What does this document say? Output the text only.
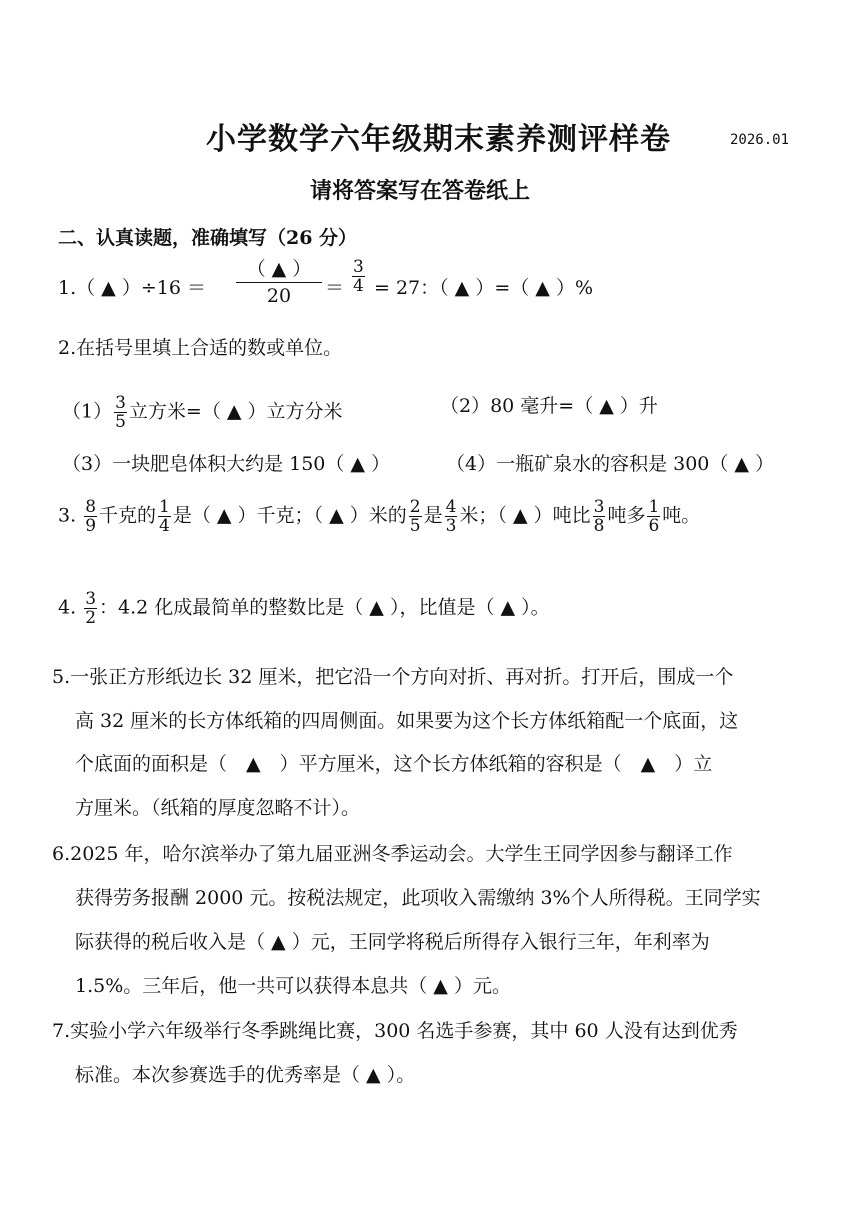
小学数学六年级期末素养测评样卷	2026.01
请将答案写在答卷纸上
二、认真读题，准确填写（26 分）
1.（ ▲ ）÷16 ＝
（ ▲ ）
20	＝ $\frac{3}{4} = 27$：（ ▲ ）=（ ▲ ）%
2.在括号里填上合适的数或单位。
$(1) \frac{3}{5}$ 立方米=（ ▲ ）立方分米	（2）80 毫升=（ ▲ ）升
（3）一块肥皂体积大约是 150（ ▲ ）	（4）一瓶矿泉水的容积是 300（ ▲ ）
3. $\frac{8}{9}$ 千克的 $\frac{1}{4}$ 是（ ▲ ）千克；（ ▲ ）米的 $\frac{2}{5}$ 是 $\frac{4}{3}$ 米；（ ▲ ）吨比 $\frac{3}{8}$ 吨多 $\frac{1}{6}$ 吨。
4. $\frac{3}{2}$ ：4.2 化成最简单的整数比是（ ▲ ），比值是（ ▲ ）。
5.一张正方形纸边长 32 厘米，把它沿一个方向对折、再对折。打开后，围成一个
高 32 厘米的长方体纸箱的四周侧面。如果要为这个长方体纸箱配一个底面，这
个底面的面积是（　▲　）平方厘米，这个长方体纸箱的容积是（　▲　）立
方厘米。（纸箱的厚度忽略不计）。
6.2025 年，哈尔滨举办了第九届亚洲冬季运动会。大学生王同学因参与翻译工作
获得劳务报酬 2000 元。按税法规定，此项收入需缴纳 3%个人所得税。王同学实
际获得的税后收入是（ ▲ ）元，王同学将税后所得存入银行三年，年利率为
1.5%。三年后，他一共可以获得本息共（ ▲ ）元。
7.实验小学六年级举行冬季跳绳比赛，300 名选手参赛，其中 60 人没有达到优秀
标准。本次参赛选手的优秀率是（ ▲ ）。
